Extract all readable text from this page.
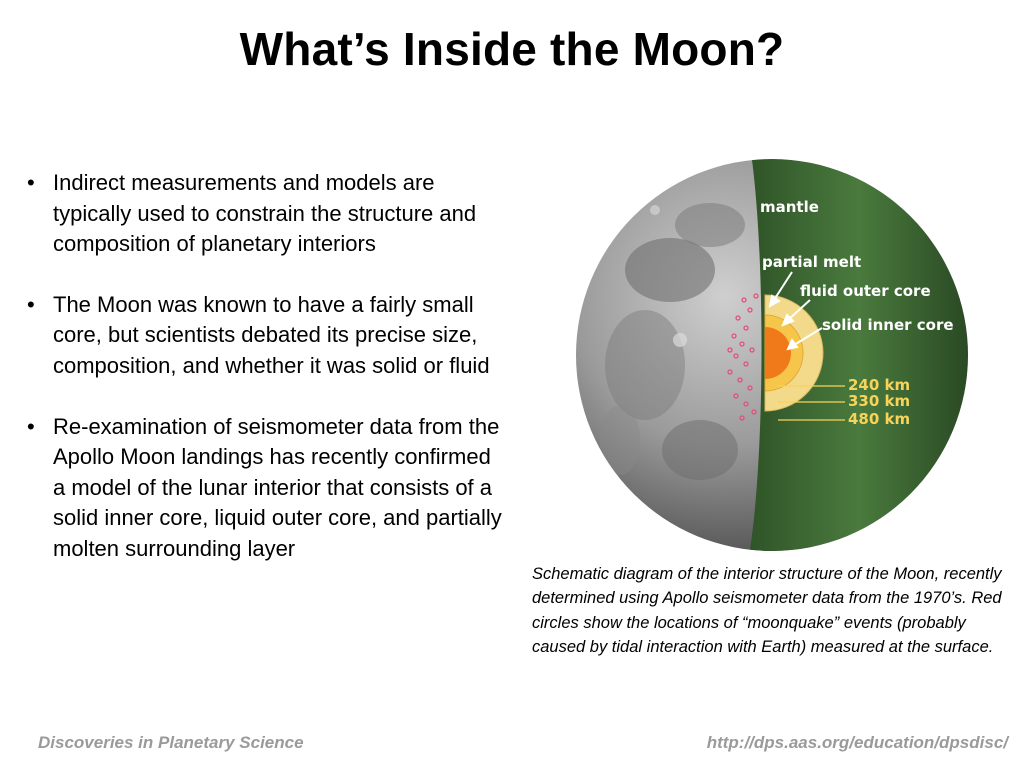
What’s Inside the Moon?
• Indirect measurements and models are typically used to constrain the structure and composition of planetary interiors
• The Moon was known to have a fairly small core, but scientists debated its precise size, composition, and whether it was solid or fluid
• Re-examination of seismometer data from the Apollo Moon landings has recently confirmed a model of the lunar interior that consists of a solid inner core, liquid outer core, and partially molten surrounding layer
mantle
partial melt
fluid outer core
solid inner core
240 km
330 km
480 km
Schematic diagram of the interior structure of the Moon, recently determined using Apollo seismometer data from the 1970’s. Red circles show the locations of “moonquake” events (probably caused by tidal interaction with Earth) measured at the surface.
Discoveries in Planetary Science	http://dps.aas.org/education/dpsdisc/
